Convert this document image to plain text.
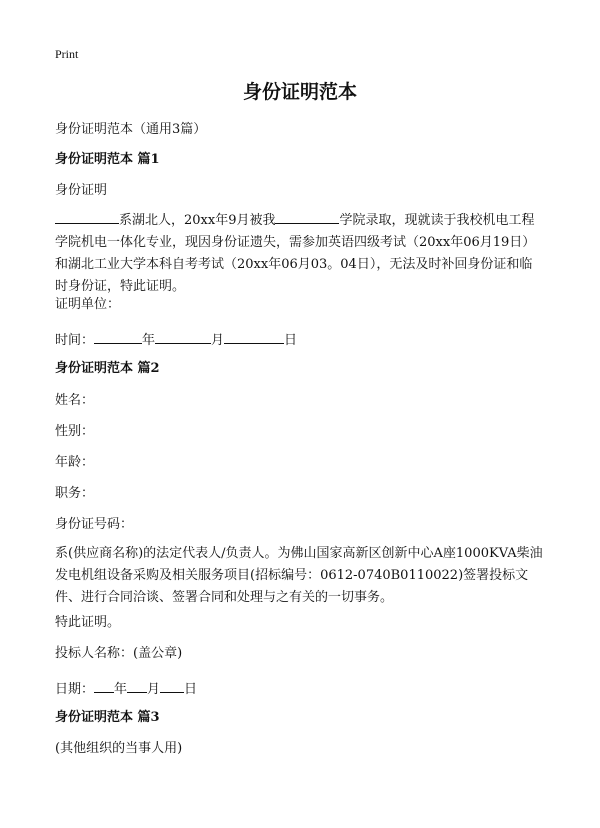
Print
身份证明范本
身份证明范本（通用3篇）
身份证明范本 篇1
身份证明
系湖北人，20xx年9月被我	学院录取，现就读于我校机电工程学院机电一体化专业，现因身份证遗失，需参加英语四级考试（20xx年06月19日）和湖北工业大学本科自考考试（20xx年06月03。04日），无法及时补回身份证和临时身份证，特此证明。
证明单位：
时间：	年	月	日
身份证明范本 篇2
姓名：
性别：
年龄：
职务：
身份证号码：
系(供应商名称)的法定代表人/负责人。为佛山国家高新区创新中心A座1000KVA柴油发电机组设备采购及相关服务项目(招标编号：0612-0740B0110022)签署投标文件、进行合同洽谈、签署合同和处理与之有关的一切事务。
特此证明。
投标人名称：(盖公章)
日期： 年 月 日
身份证明范本 篇3
(其他组织的当事人用)
